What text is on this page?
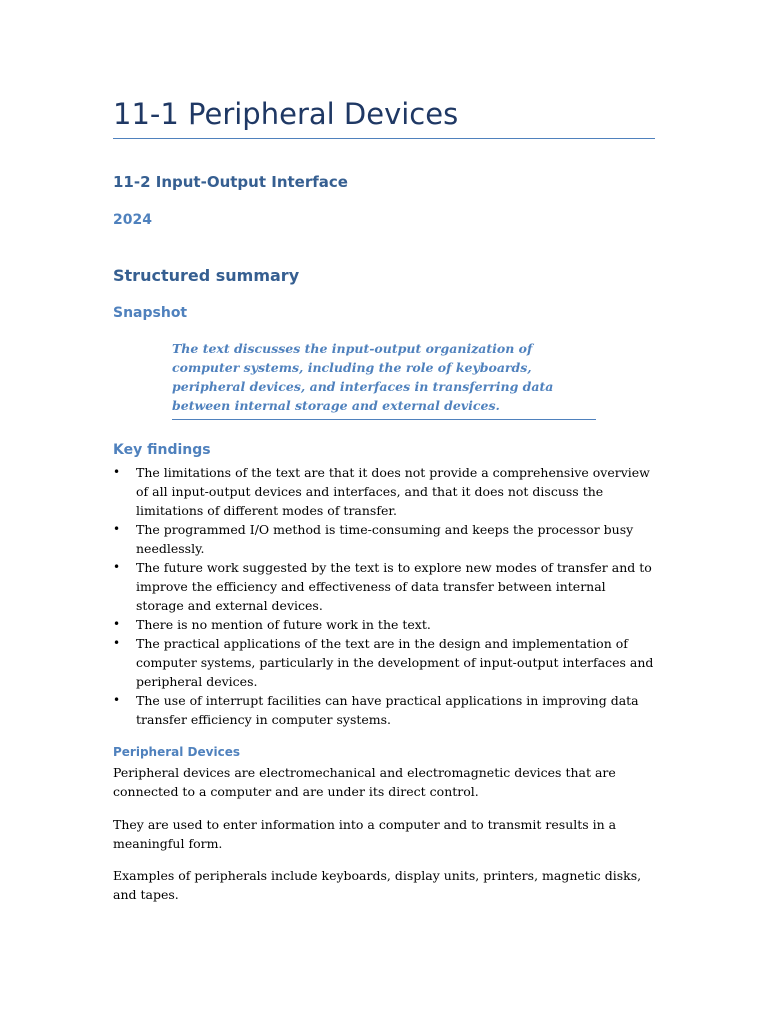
11-1 Peripheral Devices
11-2 Input-Output Interface
2024
Structured summary
Snapshot
The text discusses the input-output organization of computer systems, including the role of keyboards, peripheral devices, and interfaces in transferring data between internal storage and external devices.
Key findings
• The limitations of the text are that it does not provide a comprehensive overview of all input-output devices and interfaces, and that it does not discuss the limitations of different modes of transfer.
• The programmed I/O method is time-consuming and keeps the processor busy needlessly.
• The future work suggested by the text is to explore new modes of transfer and to improve the efficiency and effectiveness of data transfer between internal storage and external devices.
• There is no mention of future work in the text.
• The practical applications of the text are in the design and implementation of computer systems, particularly in the development of input-output interfaces and peripheral devices.
• The use of interrupt facilities can have practical applications in improving data transfer efficiency in computer systems.
Peripheral Devices

Peripheral devices are electromechanical and electromagnetic devices that are connected to a computer and are under its direct control.

They are used to enter information into a computer and to transmit results in a meaningful form.

Examples of peripherals include keyboards, display units, printers, magnetic disks, and tapes.
